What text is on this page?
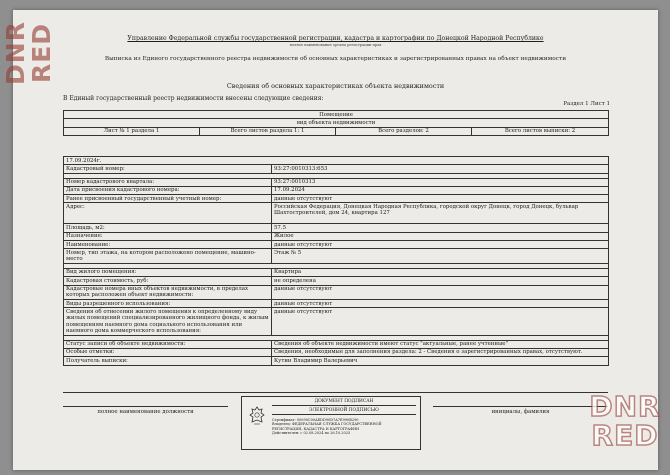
Управление Федеральной службы государственной регистрации, кадастра и картографии по Донецкой Народной Республике
полное наименование органа регистрации прав
Выписка из Единого государственного реестра недвижимости об основных характеристиках и зарегистрированных правах на объект недвижимости
Сведения об основных характеристиках объекта недвижимости
В Единый государственный реестр недвижимости внесены следующие сведения:
Раздел 1 Лист 1
Помещение
вид объекта недвижимости
Лист № 1 раздела 1	Всего листов раздела 1: 1	Всего разделов: 2	Всего листов выписки: 2
17.09.2024г.	
Кадастровый номер:	93:27:0010313:653

Номер кадастрового квартала:	93:27:0010313
Дата присвоения кадастрового номера:	17.09.2024
Ранее присвоенный государственный учетный номер:	данные отсутствуют
Адрес:	Российская Федерация, Донецкая Народная Республика, городской округ Донецк, город Донецк, бульвар Шахтостроителей, дом 24, квартира 127
Площадь, м2:	57.5
Назначение:	Жилое
Наименование:	данные отсутствуют
Номер, тип этажа, на котором расположено помещение, машино-место	Этаж № 5

Вид жилого помещения:	Квартира
Кадастровая стоимость, руб:	не определена
Кадастровые номера иных объектов недвижимости, в пределах которых расположен объект недвижимости:	данные отсутствуют
Виды разрешенного использования:	данные отсутствуют
Сведения об отнесении жилого помещения к определенному виду жилых помещений специализированного жилищного фонда, к жилым помещениям наемного дома социального использования или наемного дома коммерческого использования:	данные отсутствуют

Статус записи об объекте недвижимости:	Сведения об объекте недвижимости имеют статус "актуальные, ранее учтенные"
Особые отметки:	Сведения, необходимые для заполнения раздела: 2 - Сведения о зарегистрированных правах, отсутствуют.
Получатель выписки:	Кутин Владимир Валерьевич
полное наименование должности	инициалы, фамилия
ДОКУМЕНТ ПОДПИСАН
ЭЛЕКТРОННОЙ ПОДПИСЬЮ
Сертификат: 00090C00AEDD90D7A7E990B290
Владелец: ФЕДЕРАЛЬНАЯ СЛУЖБА ГОСУДАРСТВЕННОЙ
РЕГИСТРАЦИИ, КАДАСТРА И КАРТОГРАФИИ
Действителен: с 02.08.2024 по 26.10.2025
DNR
RED
DNR
RED
